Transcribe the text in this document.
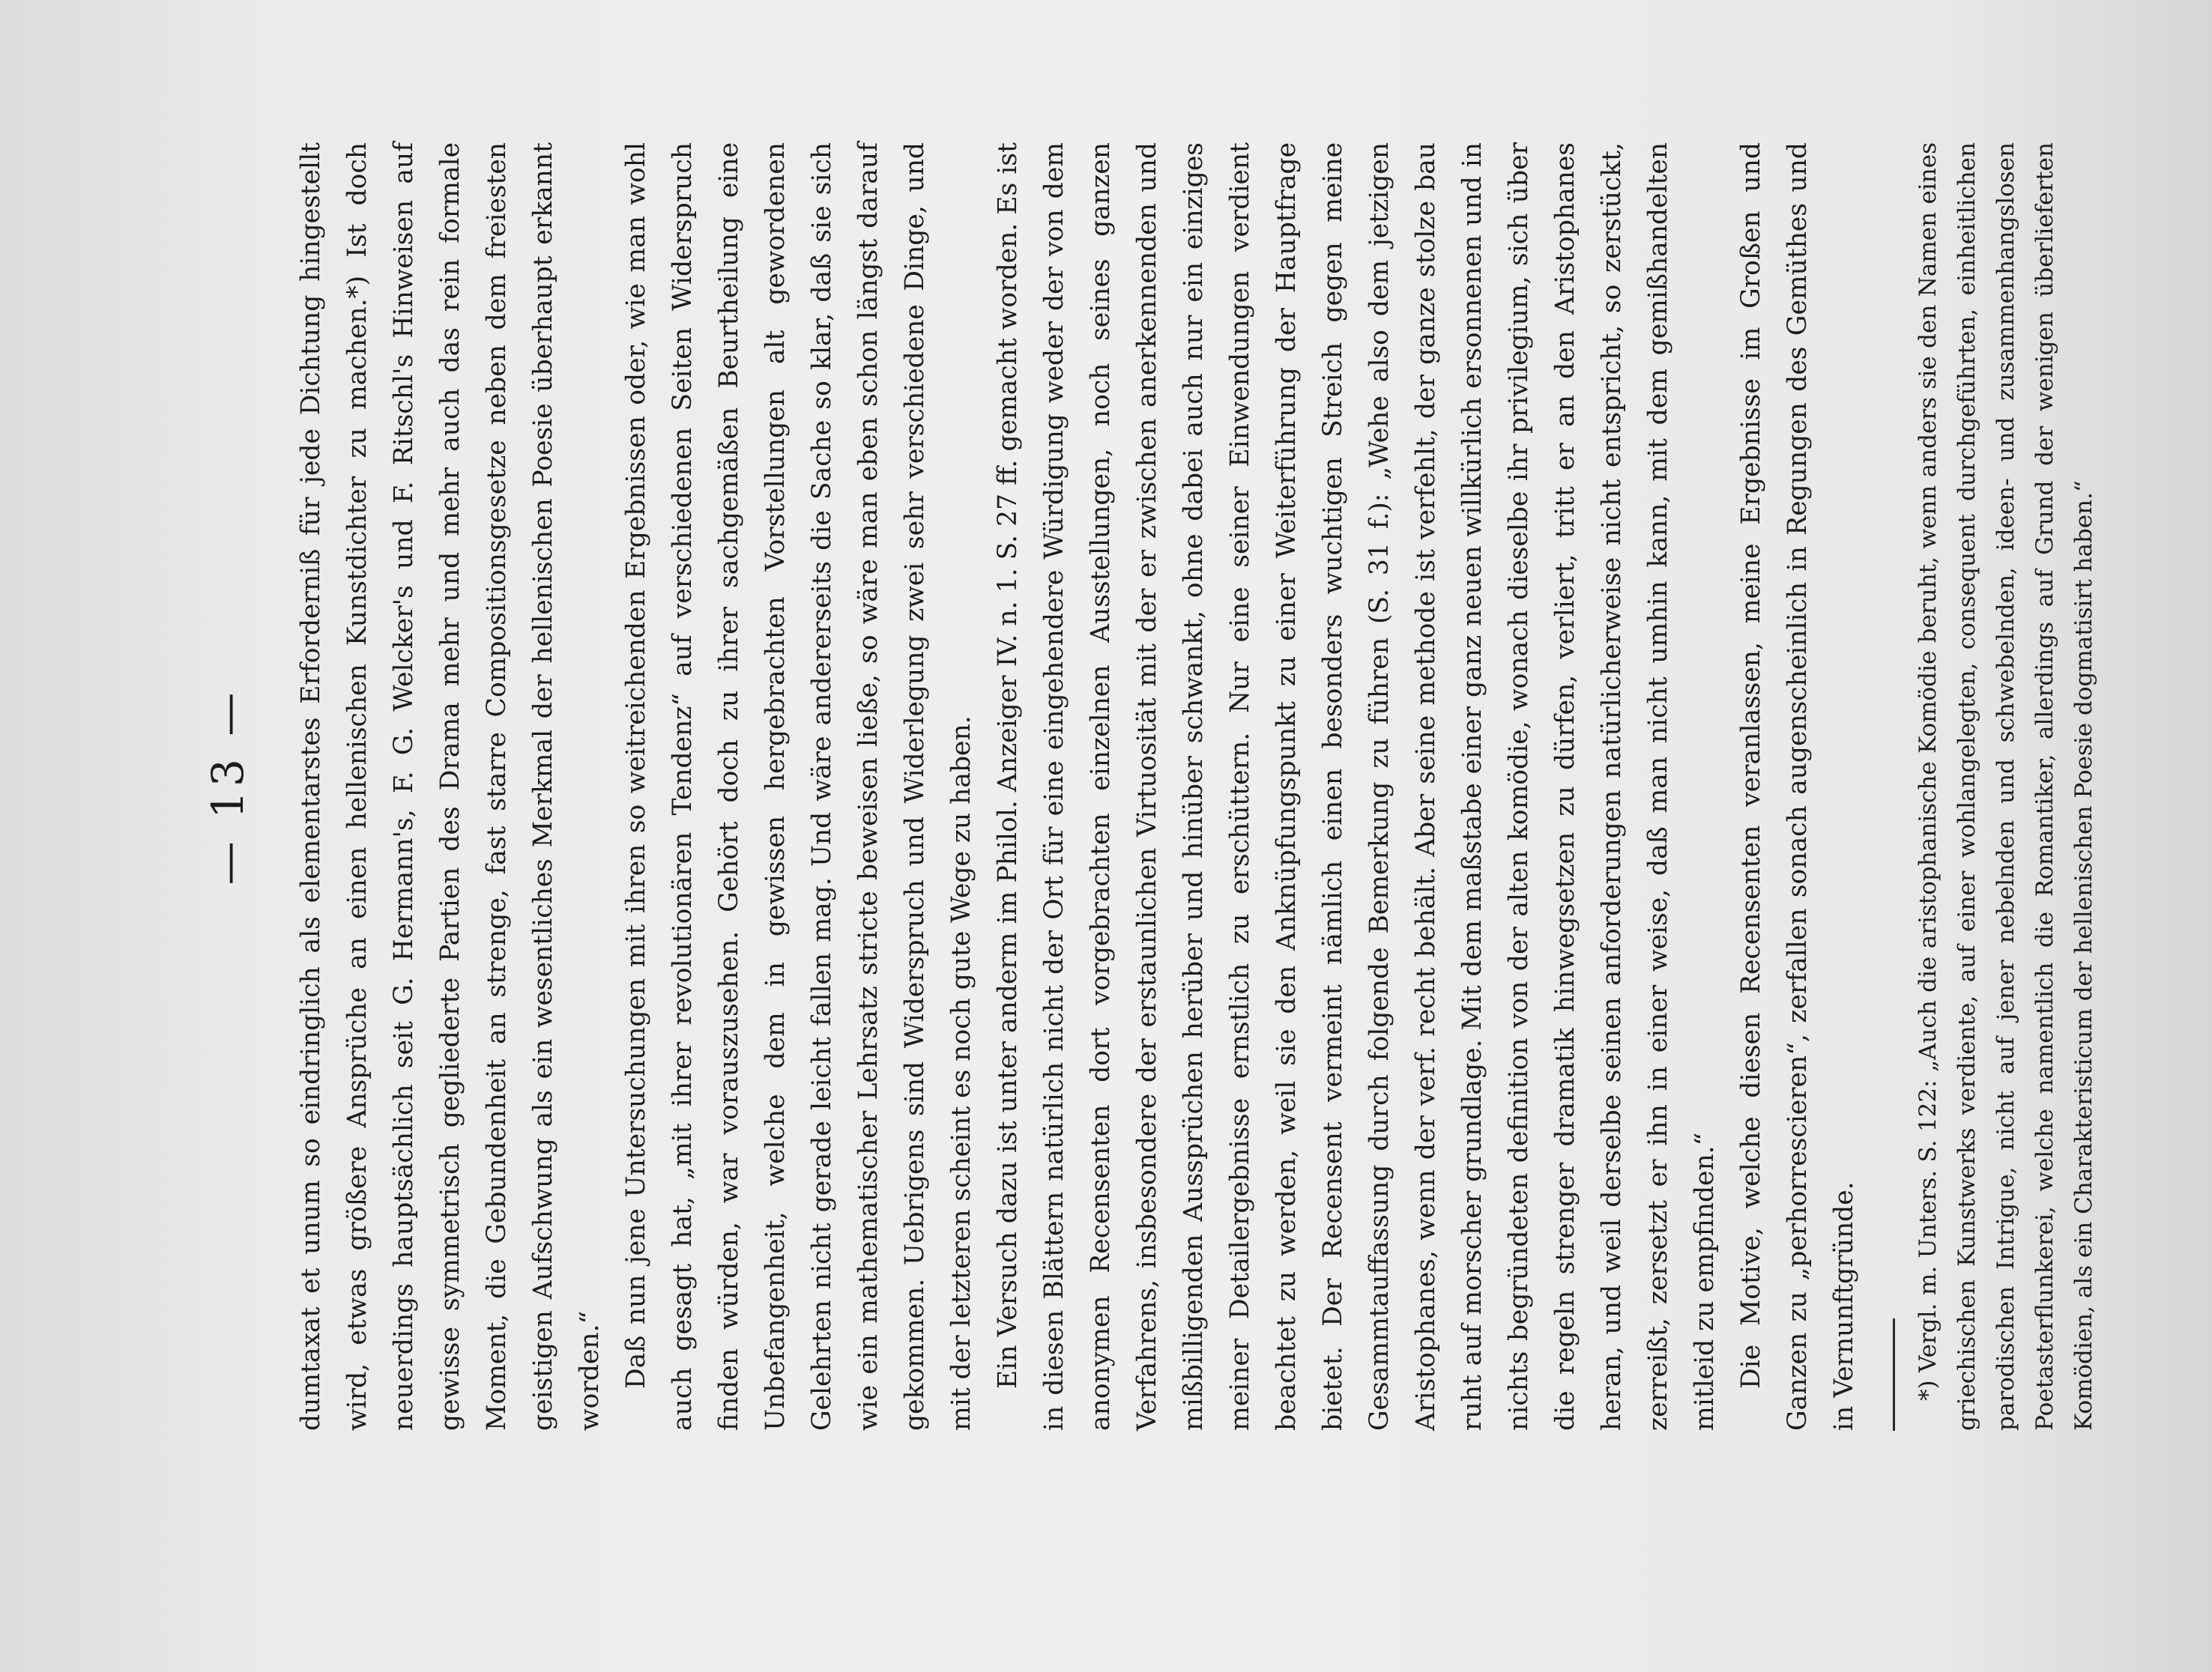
— 13 —	dumtaxat et unum so eindringlich als elementarstes Erforderniß für jede Dichtung hingestellt wird, etwas größere Ansprüche an einen hellenischen Kunstdichter zu machen.*) Ist doch neuerdings hauptsächlich seit G. Hermann's, F. G. Welcker's und F. Ritschl's Hinweisen auf gewisse symmetrisch gegliederte Partien des Drama mehr und mehr auch das rein formale Moment, die Gebundenheit an strenge, fast starre Compositionsgesetze neben dem freiesten geistigen Aufschwung als ein wesentliches Merkmal der hellenischen Poesie überhaupt erkannt worden.“ Daß nun jene Untersuchungen mit ihren so weitreichenden Ergebnissen oder, wie man wohl auch gesagt hat, „mit ihrer revolutionären Tendenz“ auf verschiedenen Seiten Widerspruch finden würden, war vorauszusehen. Gehört doch zu ihrer sachgemäßen Beurtheilung eine Unbefangenheit, welche dem in gewissen hergebrachten Vorstellungen alt gewordenen Gelehrten nicht gerade leicht fallen mag. Und wäre andererseits die Sache so klar, daß sie sich wie ein mathematischer Lehrsatz stricte beweisen ließe, so wäre man eben schon längst darauf gekommen. Uebrigens sind Widerspruch und Widerlegung zwei sehr verschiedene Dinge, und mit der letzteren scheint es noch gute Wege zu haben. Ein Versuch dazu ist unter anderm im Philol. Anzeiger IV. n. 1. S. 27 ff. gemacht worden. Es ist in diesen Blättern natürlich nicht der Ort für eine eingehendere Würdigung weder der von dem anonymen Recensenten dort vorgebrachten einzelnen Ausstellungen, noch seines ganzen Verfahrens, insbesondere der erstaunlichen Virtuosität mit der er zwischen anerkennenden und mißbilligenden Aussprüchen herüber und hinüber schwankt, ohne dabei auch nur ein einziges meiner Detailergebnisse ernstlich zu erschüttern. Nur eine seiner Einwendungen verdient beachtet zu werden, weil sie den Anknüpfungspunkt zu einer Weiterführung der Hauptfrage bietet. Der Recensent vermeint nämlich einen besonders wuchtigen Streich gegen meine Gesammtauffassung durch folgende Bemerkung zu führen (S. 31 f.): „Wehe also dem jetzigen Aristophanes, wenn der verf. recht behält. Aber seine methode ist verfehlt, der ganze stolze bau ruht auf morscher grundlage. Mit dem maßstabe einer ganz neuen willkürlich ersonnenen und in nichts begründeten definition von der alten komödie, wonach dieselbe ihr privilegium, sich über die regeln strenger dramatik hinwegsetzen zu dürfen, verliert, tritt er an den Aristophanes heran, und weil derselbe seinen anforderungen natürlicherweise nicht entspricht, so zerstückt, zerreißt, zersetzt er ihn in einer weise, daß man nicht umhin kann, mit dem gemißhandelten mitleid zu empfinden.“ Die Motive, welche diesen Recensenten veranlassen, meine Ergebnisse im Großen und Ganzen zu „perhorrescieren“, zerfallen sonach augenscheinlich in Regungen des Gemüthes und in Vernunftgründe.	*) Vergl. m. Unters. S. 122: „Auch die aristophanische Komödie beruht, wenn anders sie den Namen eines griechischen Kunstwerks verdiente, auf einer wohlangelegten, consequent durchgeführten, einheitlichen parodischen Intrigue, nicht auf jener nebelnden und schwebelnden, ideen- und zusammenhangslosen Poetasterflunkerei, welche namentlich die Romantiker, allerdings auf Grund der wenigen überlieferten Komödien, als ein Charakteristicum der hellenischen Poesie dogmatisirt haben.“
